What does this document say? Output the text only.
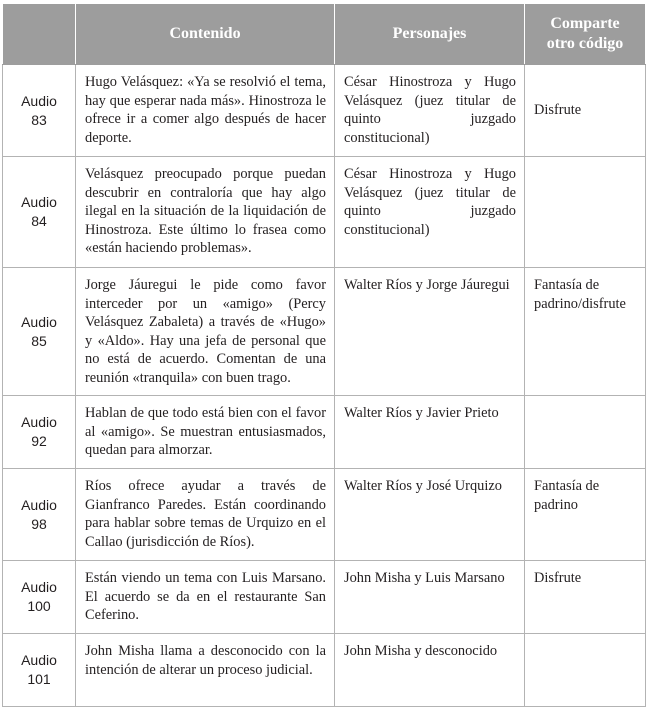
	Contenido	Personajes	Comparte
otro código

Audio
83	Hugo Velásquez: «Ya se resolvió el tema, hay que esperar nada más». Hinostroza le ofrece ir a comer algo después de hacer deporte.	César Hinostroza y Hugo Velásquez (juez titular de quinto juzgado constitucional)	Disfrute

Audio
84	Velásquez preocupado porque puedan descubrir en contraloría que hay algo ilegal en la situación de la liquidación de Hinostroza. Este último lo frasea como «están haciendo problemas».	César Hinostroza y Hugo Velásquez (juez titular de quinto juzgado constitucional)	

Audio
85	Jorge Jáuregui le pide como favor interceder por un «amigo» (Percy Velásquez Zabaleta) a través de «Hugo» y «Aldo». Hay una jefa de personal que no está de acuerdo. Comentan de una reunión «tranquila» con buen trago.	Walter Ríos y Jorge Jáuregui	Fantasía de padrino/disfrute

Audio
92	Hablan de que todo está bien con el favor al «amigo». Se muestran entusiasmados, quedan para almorzar.	Walter Ríos y Javier Prieto	

Audio
98	Ríos ofrece ayudar a través de Gianfranco Paredes. Están coordinando para hablar sobre temas de Urquizo en el Callao (jurisdicción de Ríos).	Walter Ríos y José Urquizo	Fantasía de padrino

Audio
100	Están viendo un tema con Luis Marsano. El acuerdo se da en el restaurante San Ceferino.	John Misha y Luis Marsano	Disfrute

Audio
101	John Misha llama a desconocido con la intención de alterar un proceso judicial.	John Misha y desconocido	
